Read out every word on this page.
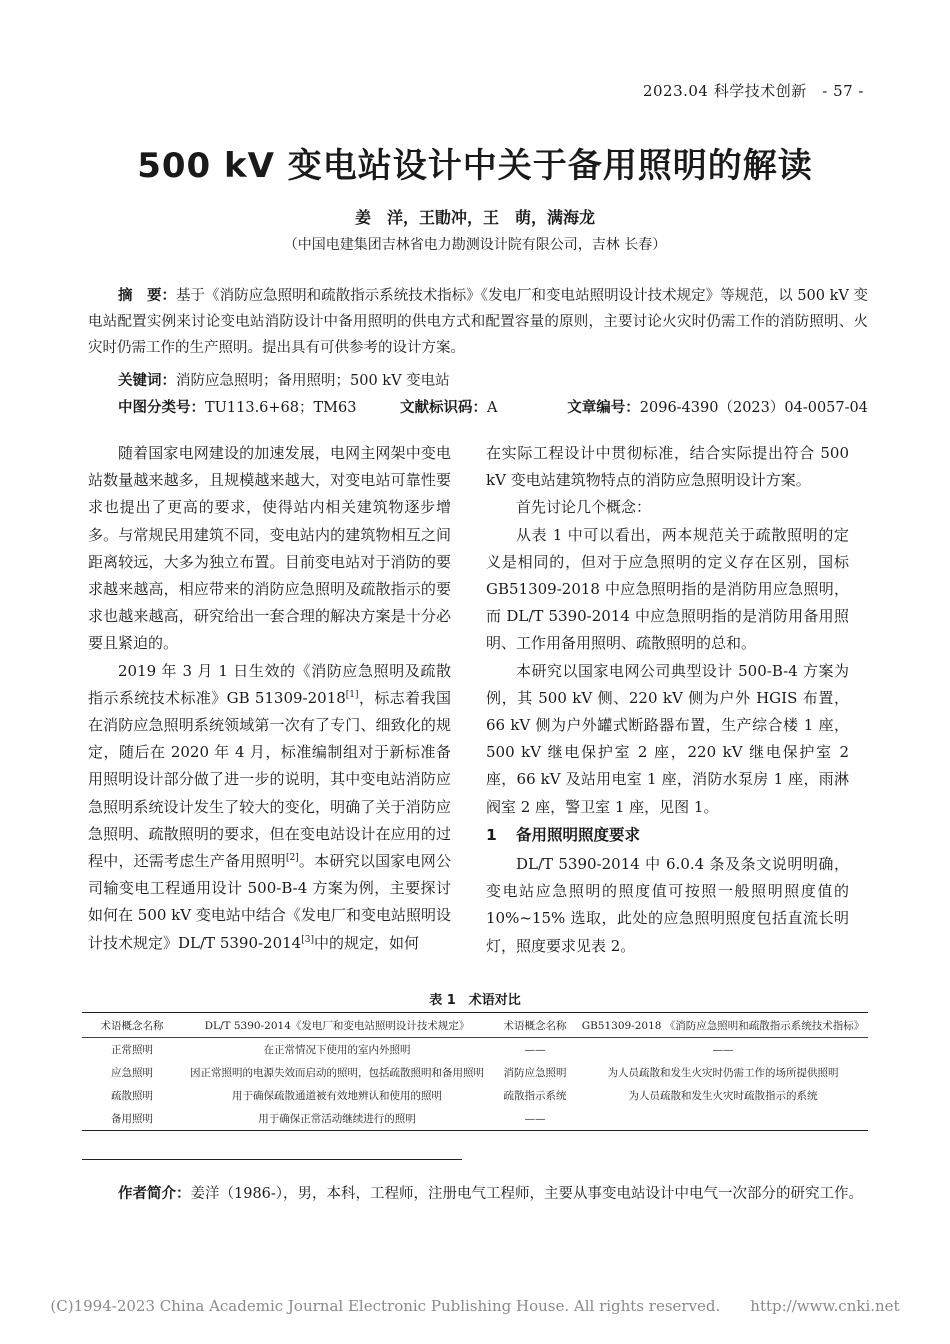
2023.04 科学技术创新　- 57 -
500 kV 变电站设计中关于备用照明的解读
姜　洋，王勖冲，王　萌，满海龙
（中国电建集团吉林省电力勘测设计院有限公司，吉林 长春）
摘　要：基于《消防应急照明和疏散指示系统技术指标》《发电厂和变电站照明设计技术规定》等规范，以 500 kV 变电站配置实例来讨论变电站消防设计中备用照明的供电方式和配置容量的原则，主要讨论火灾时仍需工作的消防照明、火灾时仍需工作的生产照明。提出具有可供参考的设计方案。
关键词：消防应急照明；备用照明；500 kV 变电站
中图分类号：TU113.6+68；TM63	文献标识码：A	文章编号：2096-4390（2023）04-0057-04

随着国家电网建设的加速发展，电网主网架中变电站数量越来越多，且规模越来越大，对变电站可靠性要求也提出了更高的要求，使得站内相关建筑物逐步增多。与常规民用建筑不同，变电站内的建筑物相互之间距离较远，大多为独立布置。目前变电站对于消防的要求越来越高，相应带来的消防应急照明及疏散指示的要求也越来越高，研究给出一套合理的解决方案是十分必要且紧迫的。

2019 年 3 月 1 日生效的《消防应急照明及疏散指示系统技术标准》GB 51309-2018[1]，标志着我国在消防应急照明系统领域第一次有了专门、细致化的规定，随后在 2020 年 4 月，标准编制组对于新标准备用照明设计部分做了进一步的说明，其中变电站消防应急照明系统设计发生了较大的变化，明确了关于消防应急照明、疏散照明的要求，但在变电站设计在应用的过程中，还需考虑生产备用照明[2]。本研究以国家电网公司输变电工程通用设计 500-B-4 方案为例，主要探讨如何在 500 kV 变电站中结合《发电厂和变电站照明设计技术规定》DL/T 5390-2014[3]中的规定，如何

在实际工程设计中贯彻标准，结合实际提出符合 500 kV 变电站建筑物特点的消防应急照明设计方案。

首先讨论几个概念：

从表 1 中可以看出，两本规范关于疏散照明的定义是相同的，但对于应急照明的定义存在区别，国标 GB51309-2018 中应急照明指的是消防用应急照明，而 DL/T 5390-2014 中应急照明指的是消防用备用照明、工作用备用照明、疏散照明的总和。

本研究以国家电网公司典型设计 500-B-4 方案为例，其 500 kV 侧、220 kV 侧为户外 HGIS 布置，66 kV 侧为户外罐式断路器布置，生产综合楼 1 座，500 kV 继电保护室 2 座，220 kV 继电保护室 2 座，66 kV 及站用电室 1 座，消防水泵房 1 座，雨淋阀室 2 座，警卫室 1 座，见图 1。

1 备用照明照度要求

DL/T 5390-2014 中 6.0.4 条及条文说明明确，变电站应急照明的照度值可按照一般照明照度值的 10%~15% 选取，此处的应急照明照度包括直流长明灯，照度要求见表 2。

表 1　术语对比
术语概念名称	DL/T 5390-2014《发电厂和变电站照明设计技术规定》	术语概念名称	GB51309-2018 《消防应急照明和疏散指示系统技术指标》
正常照明	在正常情况下使用的室内外照明	——	——
应急照明	因正常照明的电源失效而启动的照明，包括疏散照明和备用照明	消防应急照明	为人员疏散和发生火灾时仍需工作的场所提供照明
疏散照明	用于确保疏散通道被有效地辨认和使用的照明	疏散指示系统	为人员疏散和发生火灾时疏散指示的系统
备用照明	用于确保正常活动继续进行的照明	——	
作者简介：姜洋（1986-），男，本科，工程师，注册电气工程师，主要从事变电站设计中电气一次部分的研究工作。
(C)1994-2023 China Academic Journal Electronic Publishing House. All rights reserved.　　http://www.cnki.net
